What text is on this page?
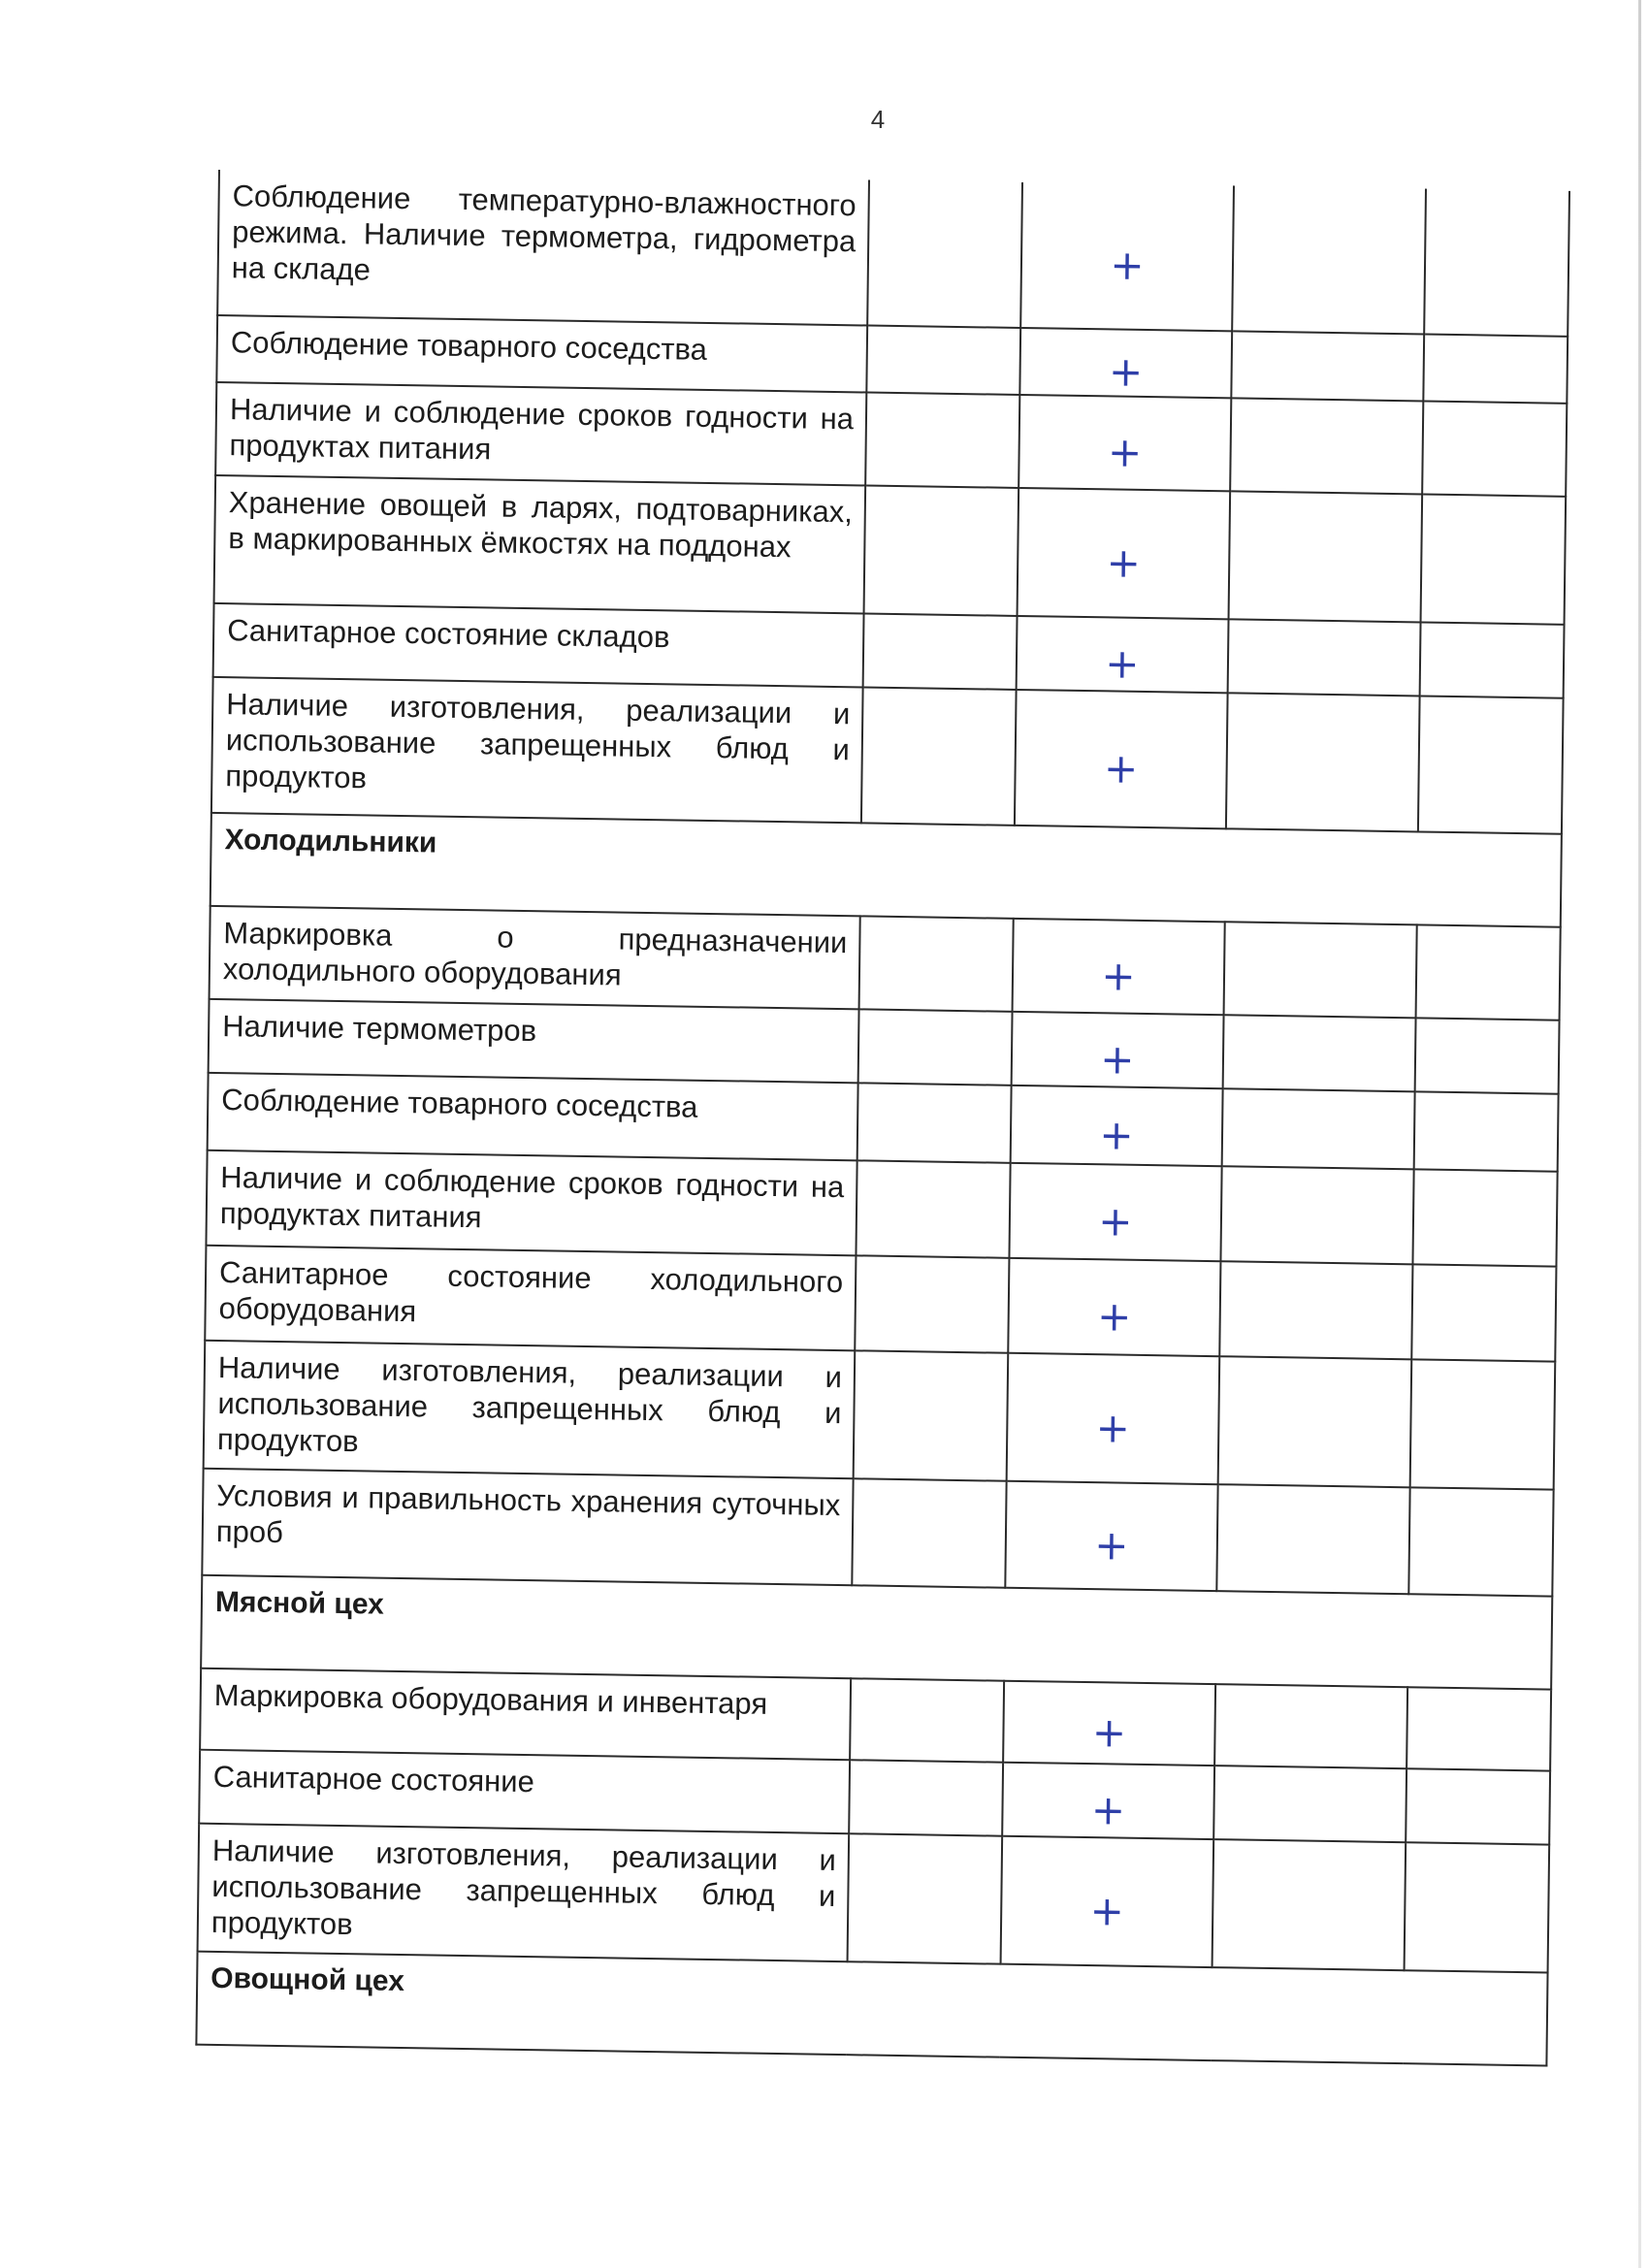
4
Соблюдение температурно-влажностного режима. Наличие термометра, гидрометра на складе		+		
Соблюдение товарного соседства		+		
Наличие и соблюдение сроков годности на продуктах питания		+		
Хранение овощей в ларях, подтоварниках, в маркированных ёмкостях на поддонах		+		
Санитарное состояние складов		+		
Наличие изготовления, реализации и использование запрещенных блюд и продуктов		+		
Холодильники				
Маркировка о предназначении холодильного оборудования		+		
Наличие термометров		+		
Соблюдение товарного соседства		+		
Наличие и соблюдение сроков годности на продуктах питания		+		
Санитарное состояние холодильного оборудования		+		
Наличие изготовления, реализации и использование запрещенных блюд и продуктов		+		
Условия и правильность хранения суточных проб		+		
Мясной цех				
Маркировка оборудования и инвентаря		+		
Санитарное состояние		+		
Наличие изготовления, реализации и использование запрещенных блюд и продуктов		+		
Овощной цех				
